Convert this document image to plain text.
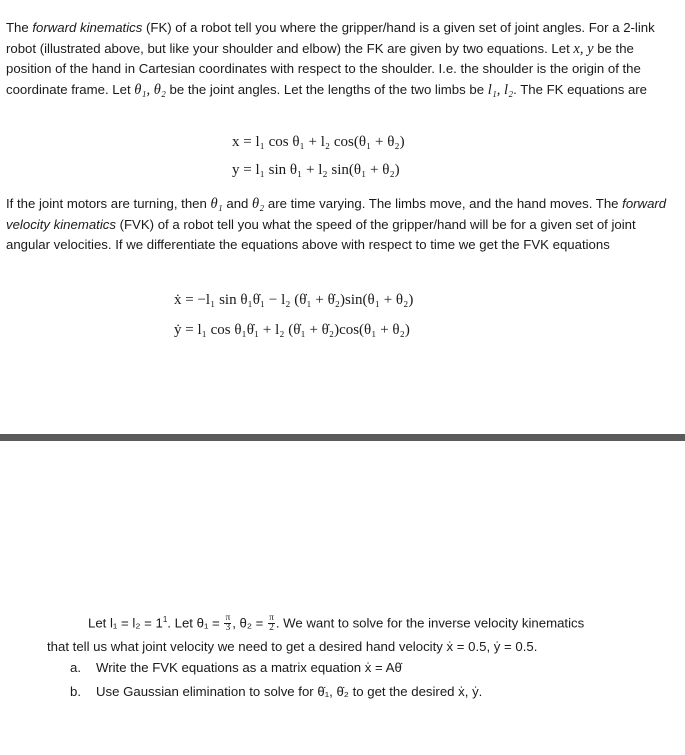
The forward kinematics (FK) of a robot tell you where the gripper/hand is a given set of joint angles. For a 2-link robot (illustrated above, but like your shoulder and elbow) the FK are given by two equations. Let x, y be the position of the hand in Cartesian coordinates with respect to the shoulder. I.e. the shoulder is the origin of the coordinate frame. Let θ₁, θ₂ be the joint angles. Let the lengths of the two limbs be l₁, l₂. The FK equations are

x = l₁ cos θ₁ + l₂ cos(θ₁ + θ₂)
y = l₁ sin θ₁ + l₂ sin(θ₁ + θ₂)

If the joint motors are turning, then θ₁ and θ₂ are time varying. The limbs move, and the hand moves. The forward velocity kinematics (FVK) of a robot tell you what the speed of the gripper/hand will be for a given set of joint angular velocities. If we differentiate the equations above with respect to time we get the FVK equations

ẋ = −l₁ sin θ₁θ̇₁ − l₂ (θ̇₁ + θ̇₂)sin(θ₁ + θ₂)
ẏ = l₁ cos θ₁θ̇₁ + l₂ (θ̇₁ + θ̇₂)cos(θ₁ + θ₂)
Let l₁ = l₂ = 1$^1$. Let $\theta_1 = \frac{\pi}{3}$ , $\theta_2 = \frac{\pi}{2}$ . We want to solve for the inverse velocity kinematics
that tell us what joint velocity we need to get a desired hand velocity ẋ = 0.5, ẏ = 0.5.
a. Write the FVK equations as a matrix equation ẋ = Aθ̇
b. Use Gaussian elimination to solve for θ̇₁, θ̇₂ to get the desired ẋ, ẏ.
